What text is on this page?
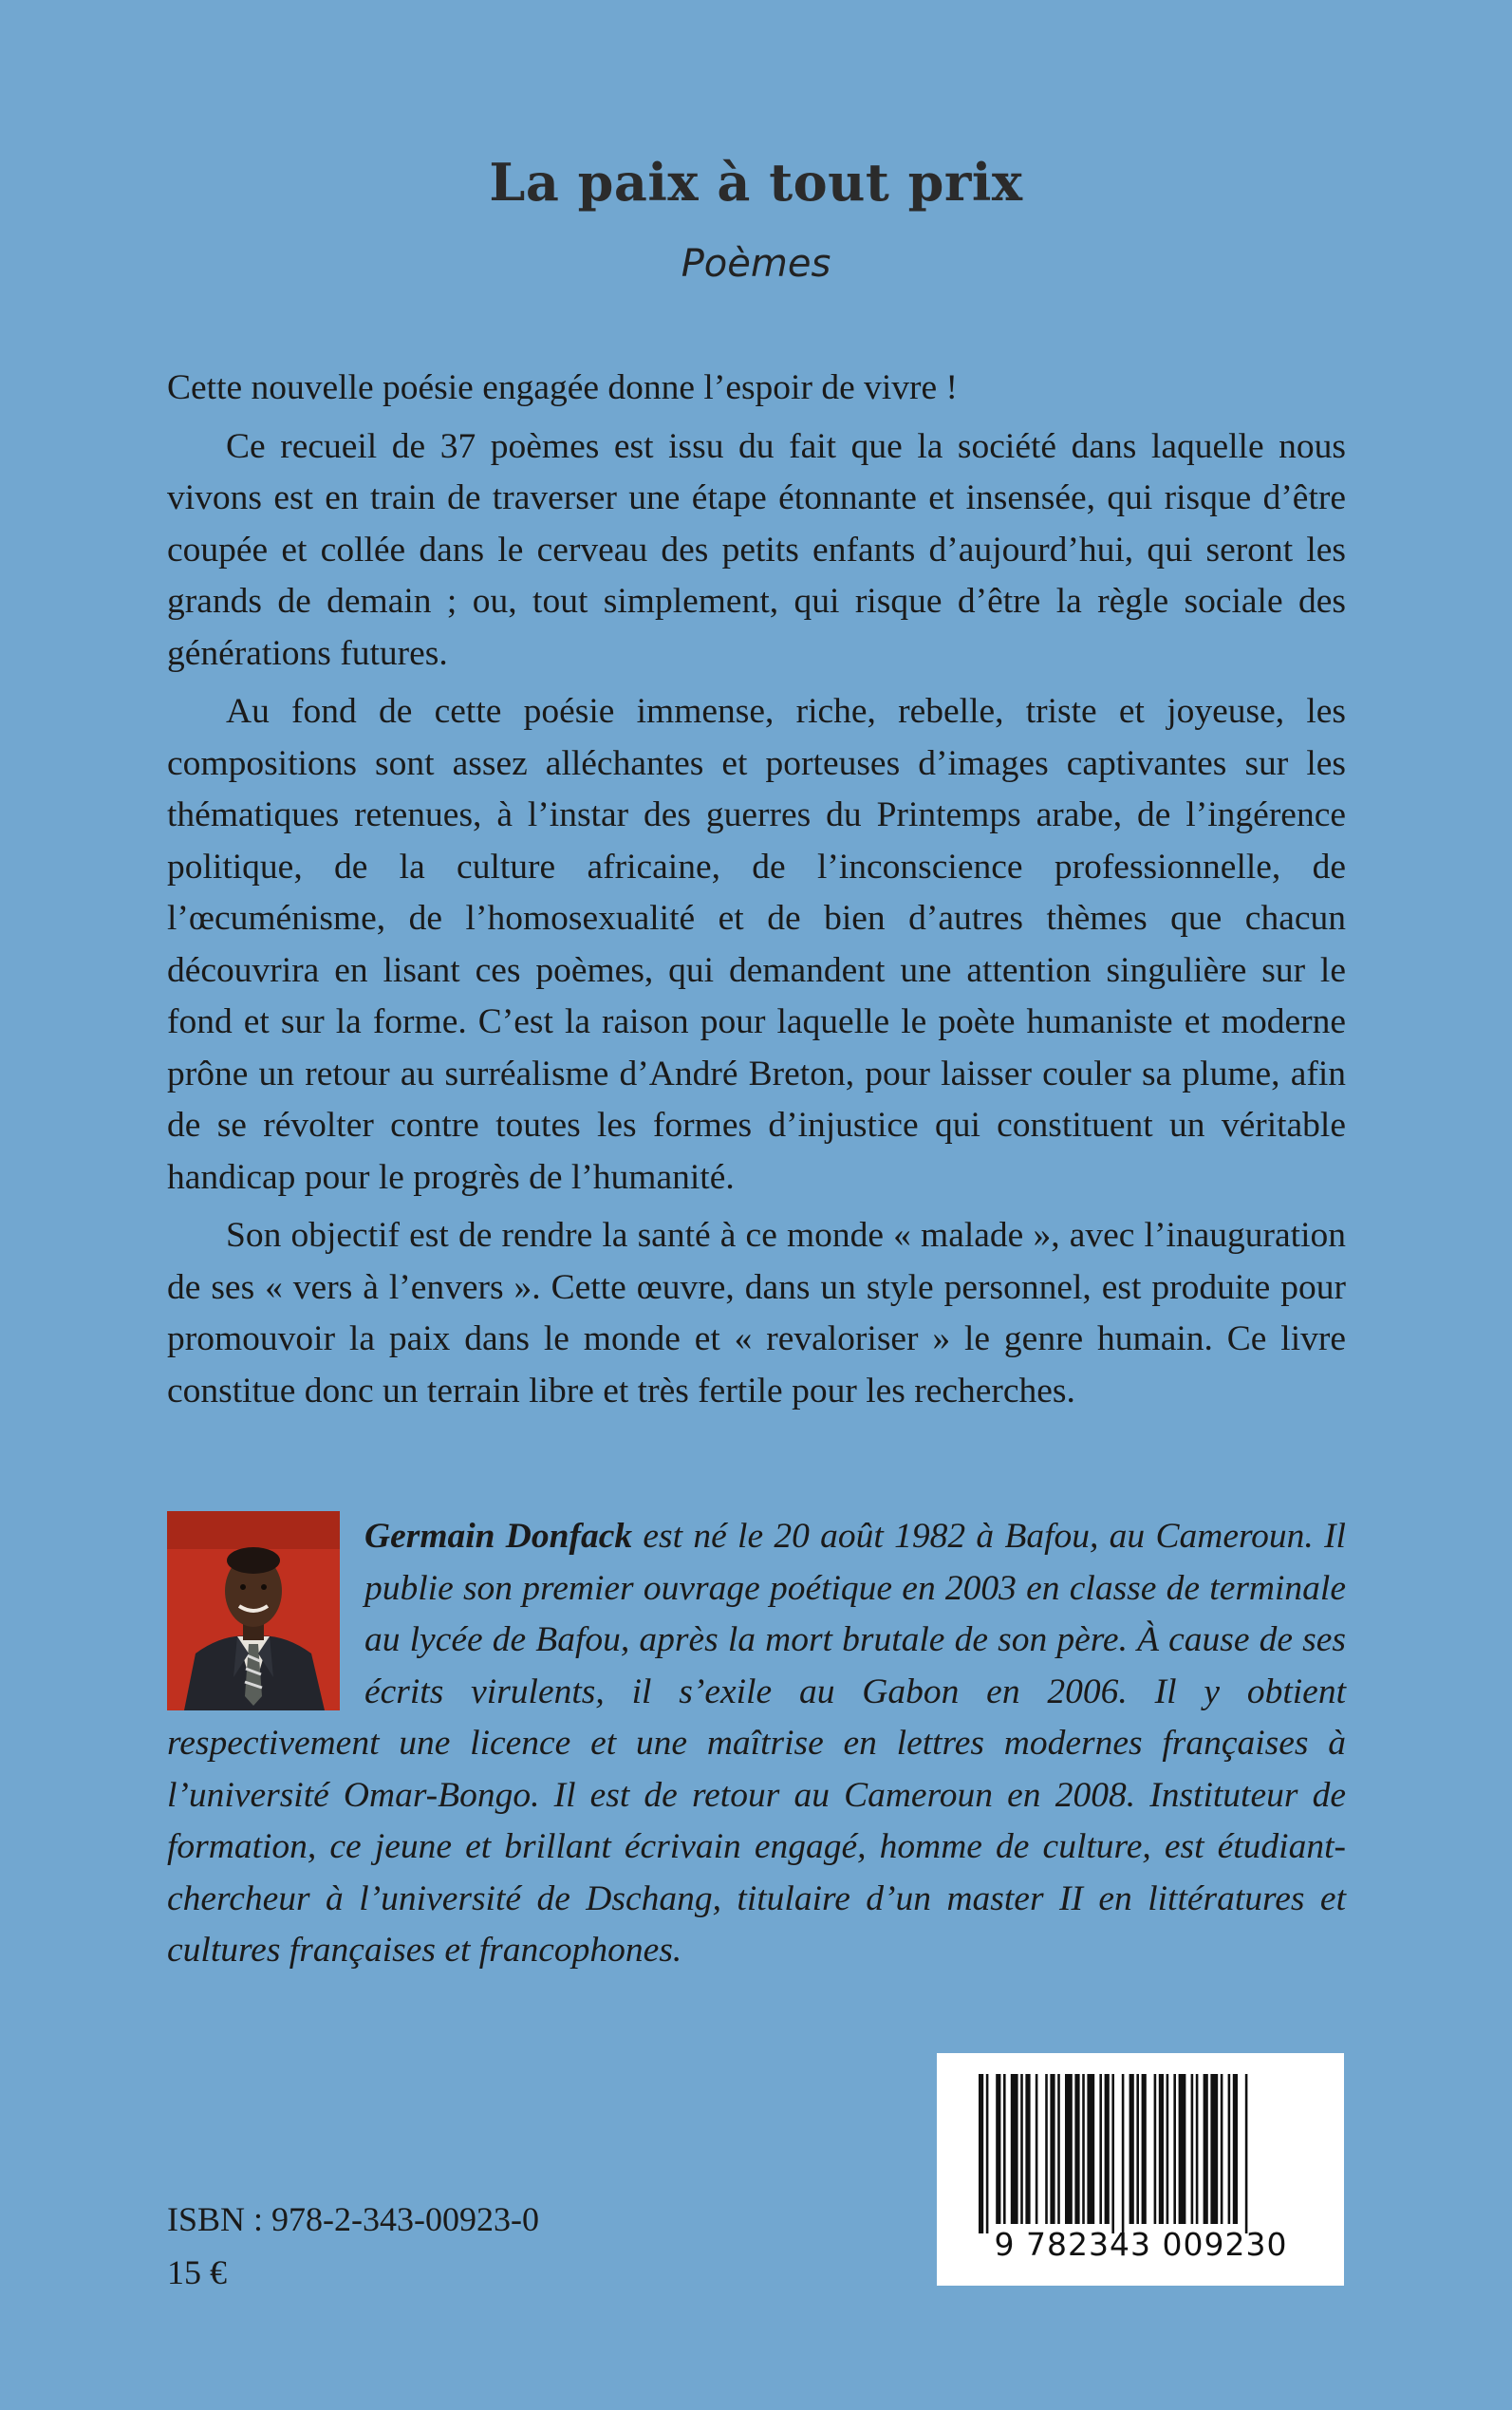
La paix à tout prix
Poèmes

Cette nouvelle poésie engagée donne l’espoir de vivre !

Ce recueil de 37 poèmes est issu du fait que la société dans laquelle nous vivons est en train de traverser une étape étonnante et insensée, qui risque d’être coupée et collée dans le cerveau des petits enfants d’aujourd’hui, qui seront les grands de demain ; ou, tout simplement, qui risque d’être la règle sociale des générations futures.

Au fond de cette poésie immense, riche, rebelle, triste et joyeuse, les compositions sont assez alléchantes et porteuses d’images captivantes sur les thématiques retenues, à l’instar des guerres du Printemps arabe, de l’ingérence politique, de la culture africaine, de l’inconscience professionnelle, de l’œcuménisme, de l’homosexualité et de bien d’autres thèmes que chacun découvrira en lisant ces poèmes, qui demandent une attention singulière sur le fond et sur la forme. C’est la raison pour laquelle le poète humaniste et moderne prône un retour au surréalisme d’André Breton, pour laisser couler sa plume, afin de se révolter contre toutes les formes d’injustice qui constituent un véritable handicap pour le progrès de l’humanité.

Son objectif est de rendre la santé à ce monde « malade », avec l’inauguration de ses « vers à l’envers ». Cette œuvre, dans un style personnel, est produite pour promouvoir la paix dans le monde et « revaloriser » le genre humain. Ce livre constitue donc un terrain libre et très fertile pour les recherches.

Germain Donfack est né le 20 août 1982 à Bafou, au Cameroun. Il publie son premier ouvrage poétique en 2003 en classe de terminale au lycée de Bafou, après la mort brutale de son père. À cause de ses écrits virulents, il s’exile au Gabon en 2006. Il y obtient respectivement une licence et une maîtrise en lettres modernes françaises à l’université Omar-Bongo. Il est de retour au Cameroun en 2008. Instituteur de formation, ce jeune et brillant écrivain engagé, homme de culture, est étudiant-chercheur à l’université de Dschang, titulaire d’un master II en littératures et cultures françaises et francophones.
ISBN : 978-2-343-00923-0
15 €
9 782343 009230
